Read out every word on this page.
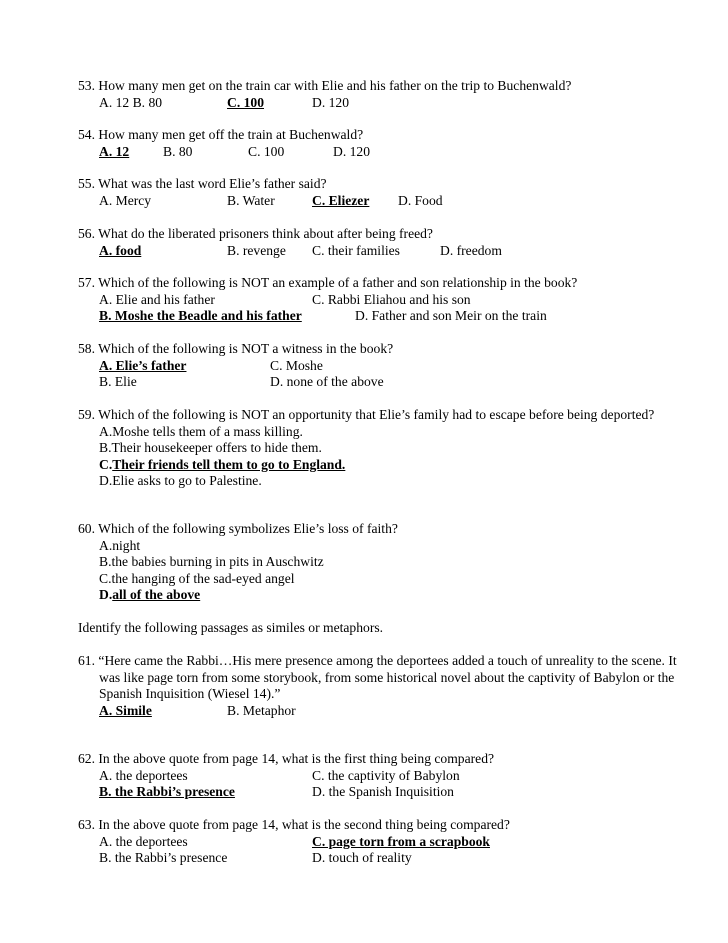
53. How many men get on the train car with Elie and his father on the trip to Buchenwald?
A. 12 B. 80	C. 100	D. 120
54. How many men get off the train at Buchenwald?
A. 12 B. 80	C. 100	D. 120
55. What was the last word Elie’s father said?
A. Mercy	B. Water	C. Eliezer D. Food
56. What do the liberated prisoners think about after being freed?
A. food	B. revenge C. their families	D. freedom
57. Which of the following is NOT an example of a father and son relationship in the book?
A. Elie and his father	C. Rabbi Eliahou and his son
B. Moshe the Beadle and his father	D. Father and son Meir on the train
58. Which of the following is NOT a witness in the book?
A. Elie’s father	C. Moshe
B. Elie	D. none of the above
59. Which of the following is NOT an opportunity that Elie’s family had to escape before being deported?
A.Moshe tells them of a mass killing.
B.Their housekeeper offers to hide them.
C.Their friends tell them to go to England.
D.Elie asks to go to Palestine.
60. Which of the following symbolizes Elie’s loss of faith?
A.night
B.the babies burning in pits in Auschwitz
C.the hanging of the sad-eyed angel
D.all of the above
Identify the following passages as similes or metaphors.
61. “Here came the Rabbi…His mere presence among the deportees added a touch of unreality to the scene. It was like page torn from some storybook, from some historical novel about the captivity of Babylon or the Spanish Inquisition (Wiesel 14).”
A. Simile	B. Metaphor
62. In the above quote from page 14, what is the first thing being compared?
A. the deportees	C. the captivity of Babylon
B. the Rabbi’s presence	D. the Spanish Inquisition
63. In the above quote from page 14, what is the second thing being compared?
A. the deportees	C. page torn from a scrapbook
B. the Rabbi’s presence	D. touch of reality
